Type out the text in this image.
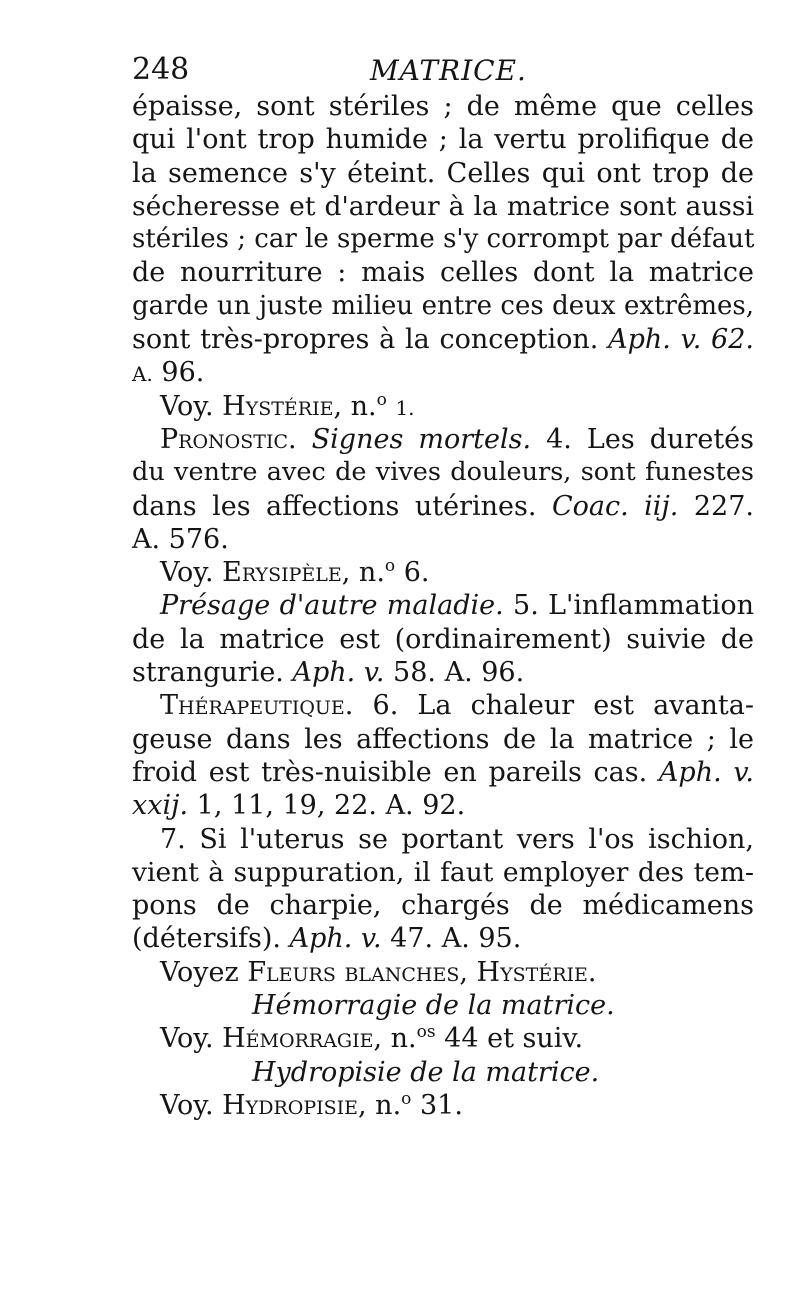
248	MATRICE.
épaisse, sont stériles ; de même que celles
qui l'ont trop humide ; la vertu prolifique de
la semence s'y éteint. Celles qui ont trop de
sécheresse et d'ardeur à la matrice sont aussi
stériles ; car le sperme s'y corrompt par défaut
de nourriture : mais celles dont la matrice
garde un juste milieu entre ces deux extrêmes,
sont très-propres à la conception. Aph. v. 62.
A. 96.
Voy. Hystérie, n.$^o$ 1.
Pronostic. Signes mortels. 4. Les duretés
du ventre avec de vives douleurs, sont funestes
dans les affections utérines. Coac. iij. 227.
A. 576.
Voy. Erysipèle, n.$^o$ 6.
Présage d'autre maladie. 5. L'inflammation
de la matrice est (ordinairement) suivie de
strangurie. Aph. v. 58. A. 96.
Thérapeutique. 6. La chaleur est avanta-
geuse dans les affections de la matrice ; le
froid est très-nuisible en pareils cas. Aph. v.
xxij. 1, 11, 19, 22. A. 92.
7. Si l'uterus se portant vers l'os ischion,
vient à suppuration, il faut employer des tem-
pons de charpie, chargés de médicamens
(détersifs). Aph. v. 47. A. 95.
Voyez Fleurs blanches, Hystérie.
Hémorragie de la matrice.
Voy. Hémorragie, n.$^{os}$ 44 et suiv.
Hydropisie de la matrice.
Voy. Hydropisie, n.$^o$ 31.
